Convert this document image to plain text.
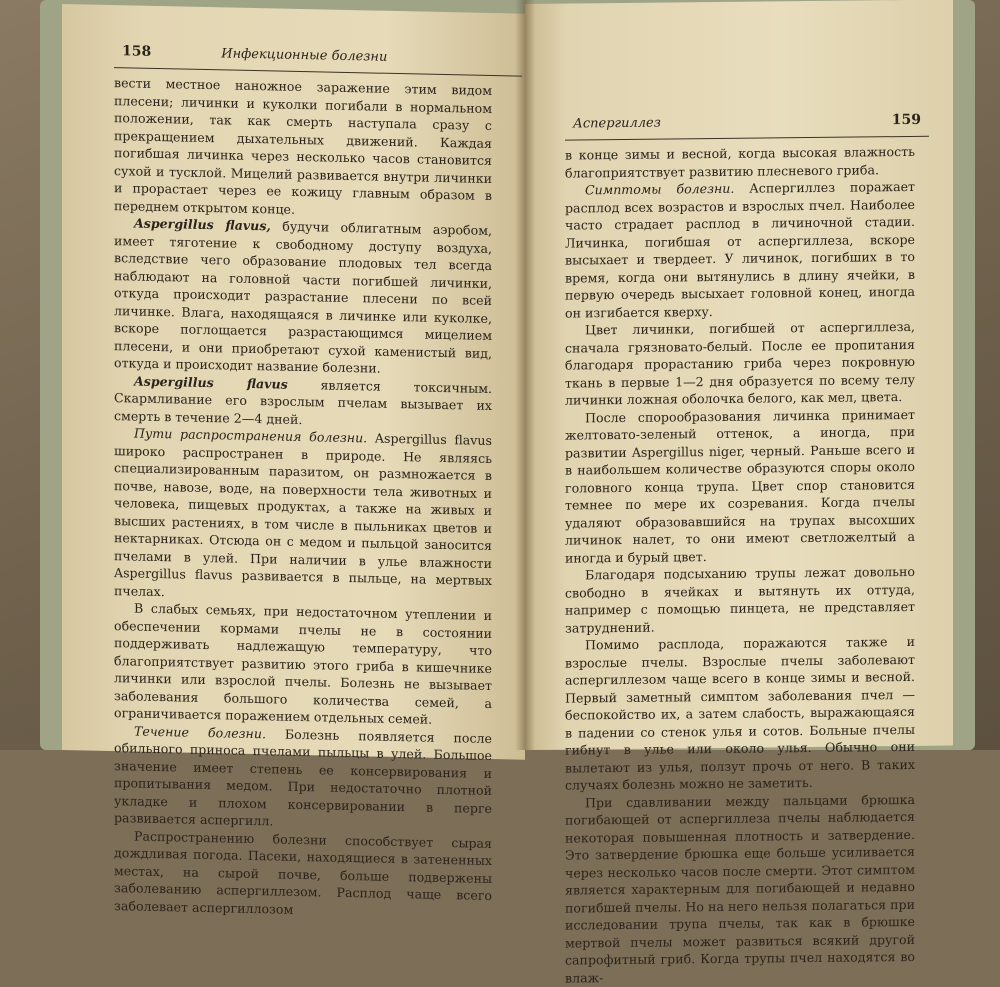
158	Инфекционные болезни

вести местное наножное заражение этим видом плесени; личинки и куколки погибали в нормальном положении, так как смерть наступала сразу с прекращением дыхательных движений. Каждая погибшая личинка через несколько часов становится сухой и тусклой. Мицелий развивается внутри личинки и прорастает через ее кожицу главным образом в переднем открытом конце.

Aspergillus flavus, будучи облигатным аэробом, имеет тяготение к свободному доступу воздуха, вследствие чего образование плодовых тел всегда наблюдают на головной части погибшей личинки, откуда происходит разрастание плесени по всей личинке. Влага, находящаяся в личинке или куколке, вскоре поглощается разрастающимся мицелием плесени, и они приобретают сухой каменистый вид, откуда и происходит название болезни.

Aspergillus flavus является токсичным. Скармливание его взрослым пчелам вызывает их смерть в течение 2—4 дней.

Пути распространения болезни. Aspergillus flavus широко распространен в природе. Не являясь специализированным паразитом, он размножается в почве, навозе, воде, на поверхности тела животных и человека, пищевых продуктах, а также на живых и высших растениях, в том числе в пыльниках цветов и нектарниках. Отсюда он с медом и пыльцой заносится пчелами в улей. При наличии в улье влажности Aspergillus flavus развивается в пыльце, на мертвых пчелах.

В слабых семьях, при недостаточном утеплении и обеспечении кормами пчелы не в состоянии поддерживать надлежащую температуру, что благоприятствует развитию этого гриба в кишечнике личинки или взрослой пчелы. Болезнь не вызывает заболевания большого количества семей, а ограничивается поражением отдельных семей.

Течение болезни. Болезнь появляется после обильного приноса пчелами пыльцы в улей. Большое значение имеет степень ее консервирования и пропитывания медом. При недостаточно плотной укладке и плохом консервировании в перге развивается аспергилл.

Распространению болезни способствует сырая дождливая погода. Пасеки, находящиеся в затененных местах, на сырой почве, больше подвержены заболеванию аспергиллезом. Расплод чаще всего заболевает аспергиллозом

Аспергиллез	159

в конце зимы и весной, когда высокая влажность благоприятствует развитию плесневого гриба.

Симптомы болезни. Аспергиллез поражает расплод всех возрастов и взрослых пчел. Наиболее часто страдает расплод в личиночной стадии. Личинка, погибшая от аспергиллеза, вскоре высыхает и твердеет. У личинок, погибших в то время, когда они вытянулись в длину ячейки, в первую очередь высыхает головной конец, иногда он изгибается кверху.

Цвет личинки, погибшей от аспергиллеза, сначала грязновато-белый. После ее пропитания благодаря прорастанию гриба через покровную ткань в первые 1—2 дня образуется по всему телу личинки ложная оболочка белого, как мел, цвета.

После спорообразования личинка принимает желтовато-зеленый оттенок, а иногда, при развитии Aspergillus niger, черный. Раньше всего и в наибольшем количестве образуются споры около головного конца трупа. Цвет спор становится темнее по мере их созревания. Когда пчелы удаляют образовавшийся на трупах высохших личинок налет, то они имеют светложелтый а иногда и бурый цвет.

Благодаря подсыханию трупы лежат довольно свободно в ячейках и вытянуть их оттуда, например с помощью пинцета, не представляет затруднений.

Помимо расплода, поражаются также и взрослые пчелы. Взрослые пчелы заболевают аспергиллезом чаще всего в конце зимы и весной. Первый заметный симптом заболевания пчел — беспокойство их, а затем слабость, выражающаяся в падении со стенок улья и сотов. Больные пчелы гибнут в улье или около улья. Обычно они вылетают из улья, ползут прочь от него. В таких случаях болезнь можно не заметить.

При сдавливании между пальцами брюшка погибающей от аспергиллеза пчелы наблюдается некоторая повышенная плотность и затвердение. Это затвердение брюшка еще больше усиливается через несколько часов после смерти. Этот симптом является характерным для погибающей и недавно погибшей пчелы. Но на него нельзя полагаться при исследовании трупа пчелы, так как в брюшке мертвой пчелы может развиться всякий другой сапрофитный гриб. Когда трупы пчел находятся во влаж-
